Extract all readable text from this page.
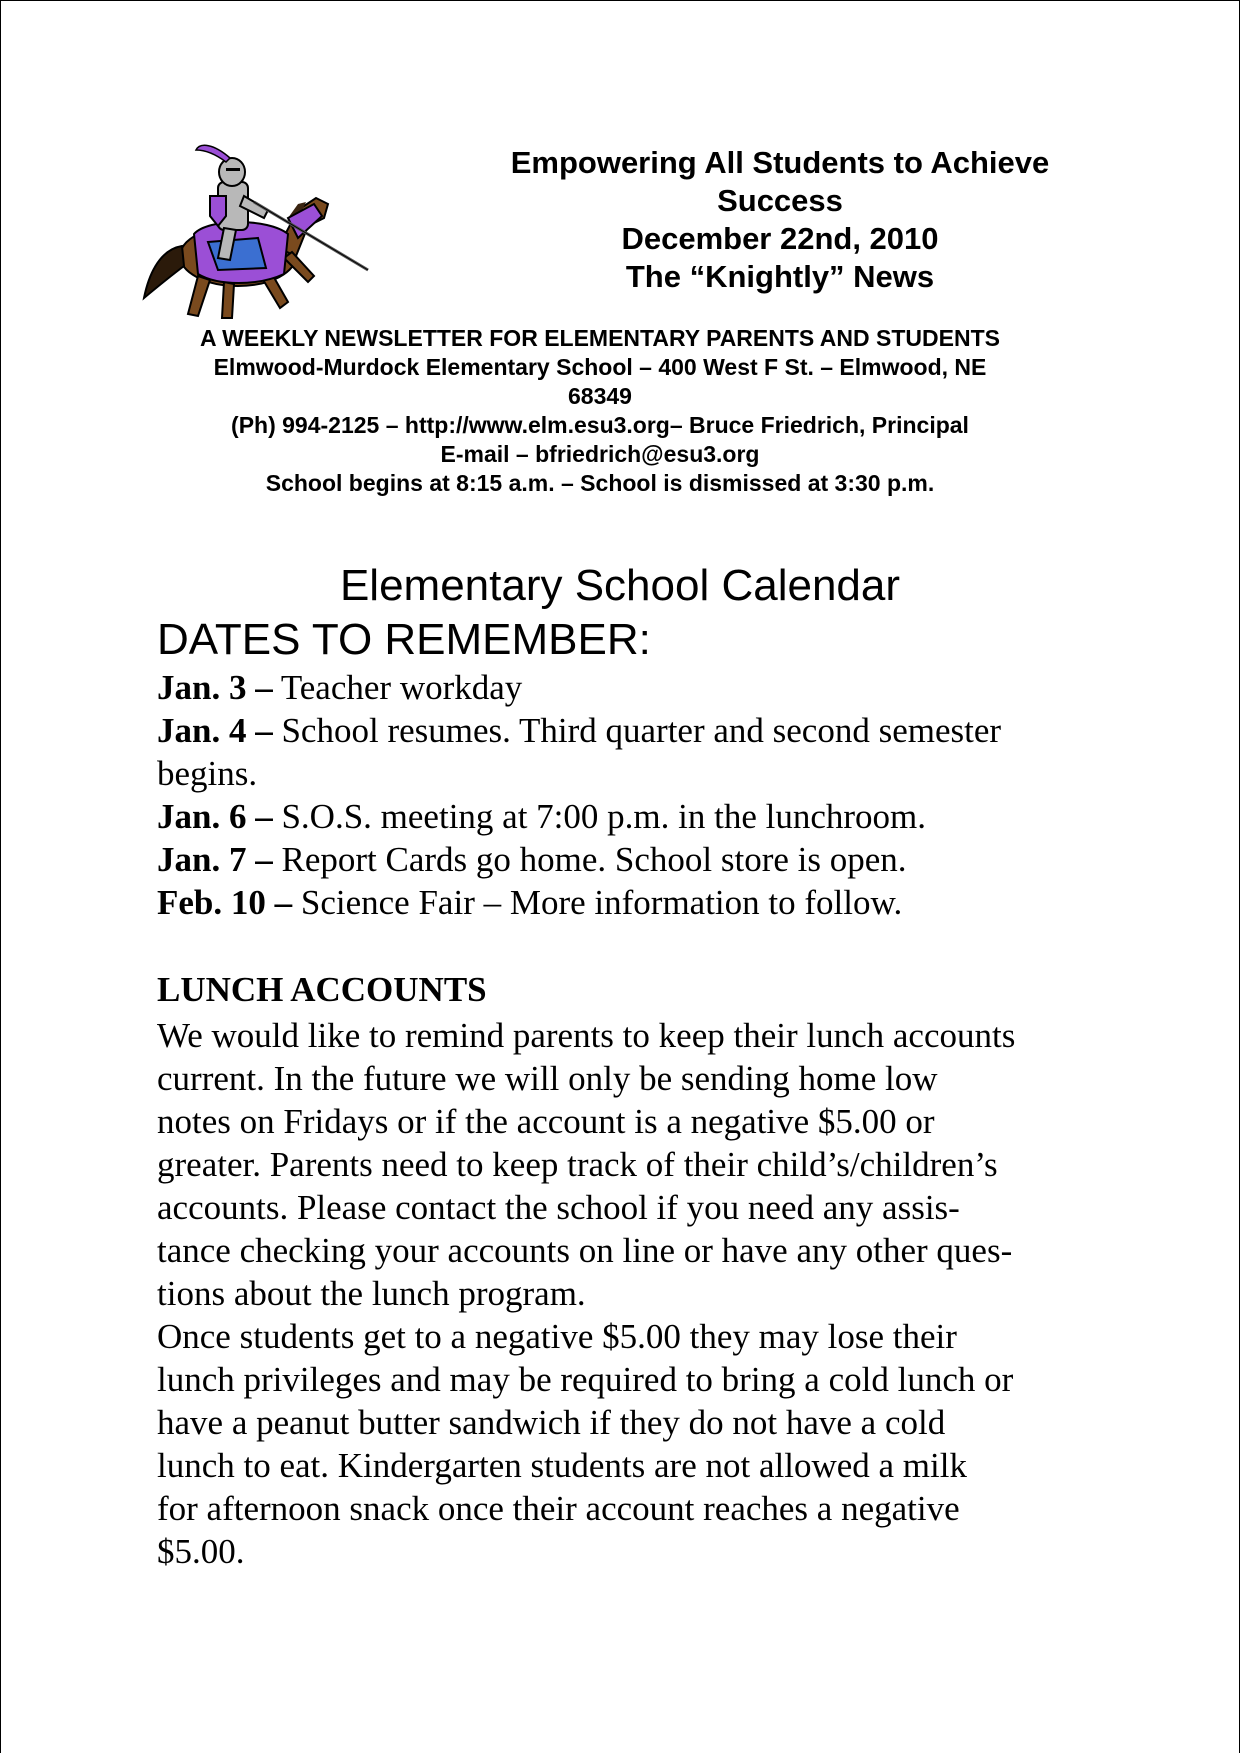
Empowering All Students to Achieve
Success
December 22nd, 2010
The “Knightly” News
A WEEKLY NEWSLETTER FOR ELEMENTARY PARENTS AND STUDENTS
Elmwood-Murdock Elementary School – 400 West F St. – Elmwood, NE
68349
(Ph) 994-2125 – http://www.elm.esu3.org– Bruce Friedrich, Principal
E-mail – bfriedrich@esu3.org
School begins at 8:15 a.m. – School is dismissed at 3:30 p.m.
Elementary School Calendar
DATES TO REMEMBER:
Jan. 3 – Teacher workday
Jan. 4 – School resumes. Third quarter and second semester
begins.
Jan. 6 – S.O.S. meeting at 7:00 p.m. in the lunchroom.
Jan. 7 – Report Cards go home. School store is open.
Feb. 10 – Science Fair – More information to follow.
LUNCH ACCOUNTS

We would like to remind parents to keep their lunch accounts
current. In the future we will only be sending home low
notes on Fridays or if the account is a negative $5.00 or
greater. Parents need to keep track of their child’s/children’s
accounts. Please contact the school if you need any assis-
tance checking your accounts on line or have any other ques-
tions about the lunch program.

Once students get to a negative $5.00 they may lose their
lunch privileges and may be required to bring a cold lunch or
have a peanut butter sandwich if they do not have a cold
lunch to eat. Kindergarten students are not allowed a milk
for afternoon snack once their account reaches a negative
$5.00.
